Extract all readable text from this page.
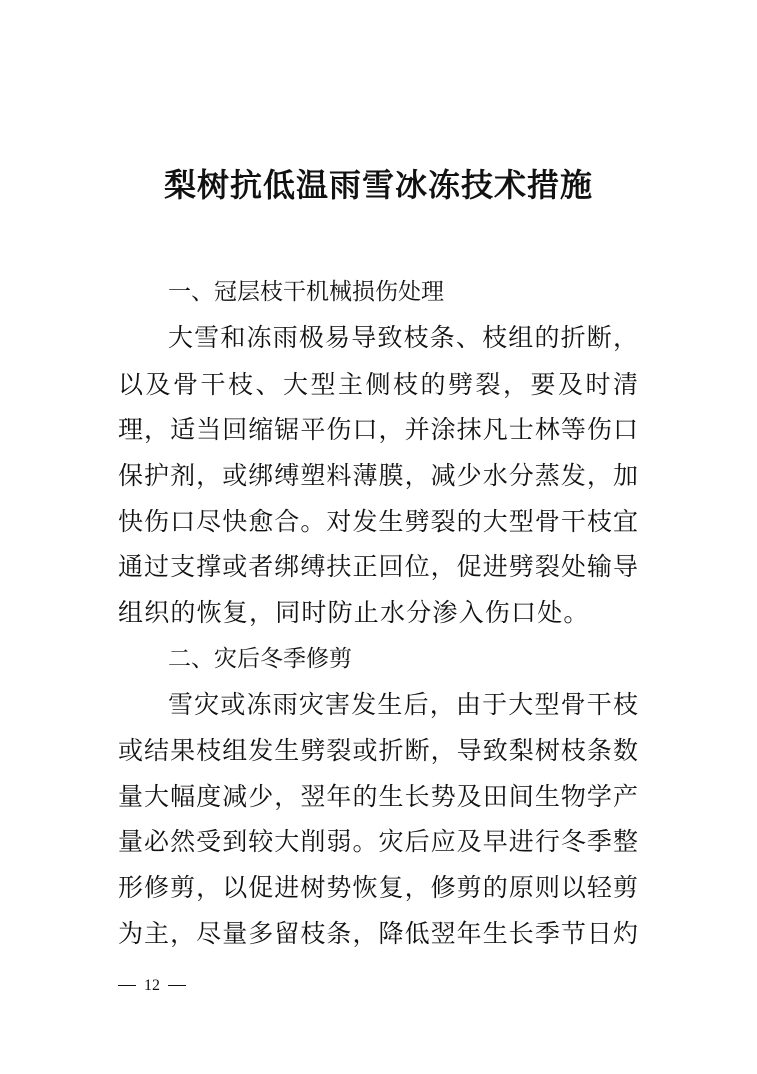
梨树抗低温雨雪冰冻技术措施
一、冠层枝干机械损伤处理
大雪和冻雨极易导致枝条、枝组的折断，
以及骨干枝、大型主侧枝的劈裂，要及时清
理，适当回缩锯平伤口，并涂抹凡士林等伤口
保护剂，或绑缚塑料薄膜，减少水分蒸发，加
快伤口尽快愈合。对发生劈裂的大型骨干枝宜
通过支撑或者绑缚扶正回位，促进劈裂处输导
组织的恢复，同时防止水分渗入伤口处。
二、灾后冬季修剪
雪灾或冻雨灾害发生后，由于大型骨干枝
或结果枝组发生劈裂或折断，导致梨树枝条数
量大幅度减少，翌年的生长势及田间生物学产
量必然受到较大削弱。灾后应及早进行冬季整
形修剪，以促进树势恢复，修剪的原则以轻剪
为主，尽量多留枝条，降低翌年生长季节日灼
12
